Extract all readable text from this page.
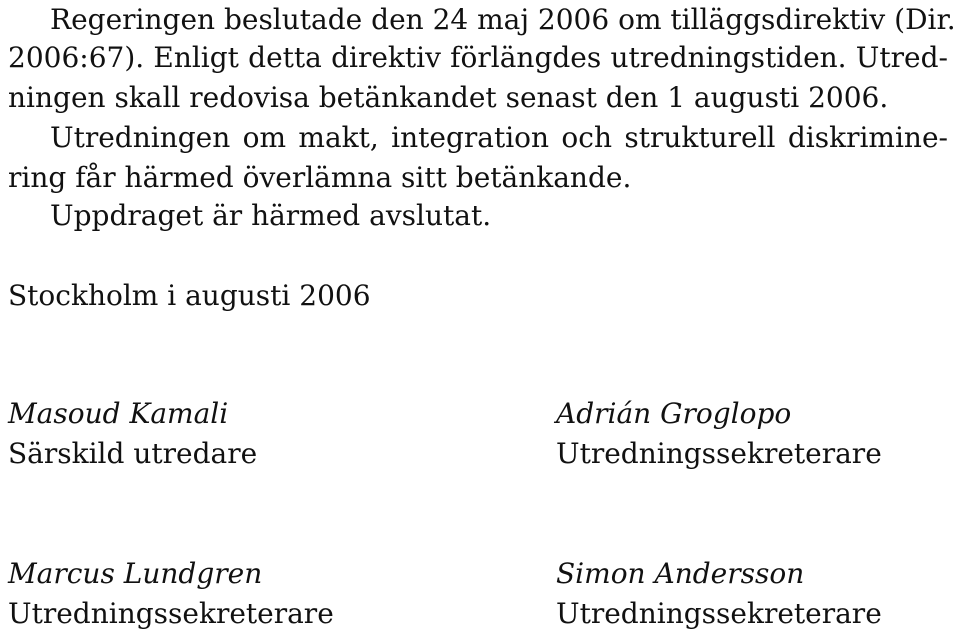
Regeringen beslutade den 24 maj 2006 om tilläggsdirektiv (Dir.

2006:67). Enligt detta direktiv förlängdes utredningstiden. Utred-

ningen skall redovisa betänkandet senast den 1 augusti 2006.

Utredningen om makt, integration och strukturell diskrimine-

ring får härmed överlämna sitt betänkande.

Uppdraget är härmed avslutat.

Stockholm i augusti 2006

Masoud Kamali
Särskild utredare
Adrián Groglopo
Utredningssekreterare
Marcus Lundgren
Utredningssekreterare
Simon Andersson
Utredningssekreterare
